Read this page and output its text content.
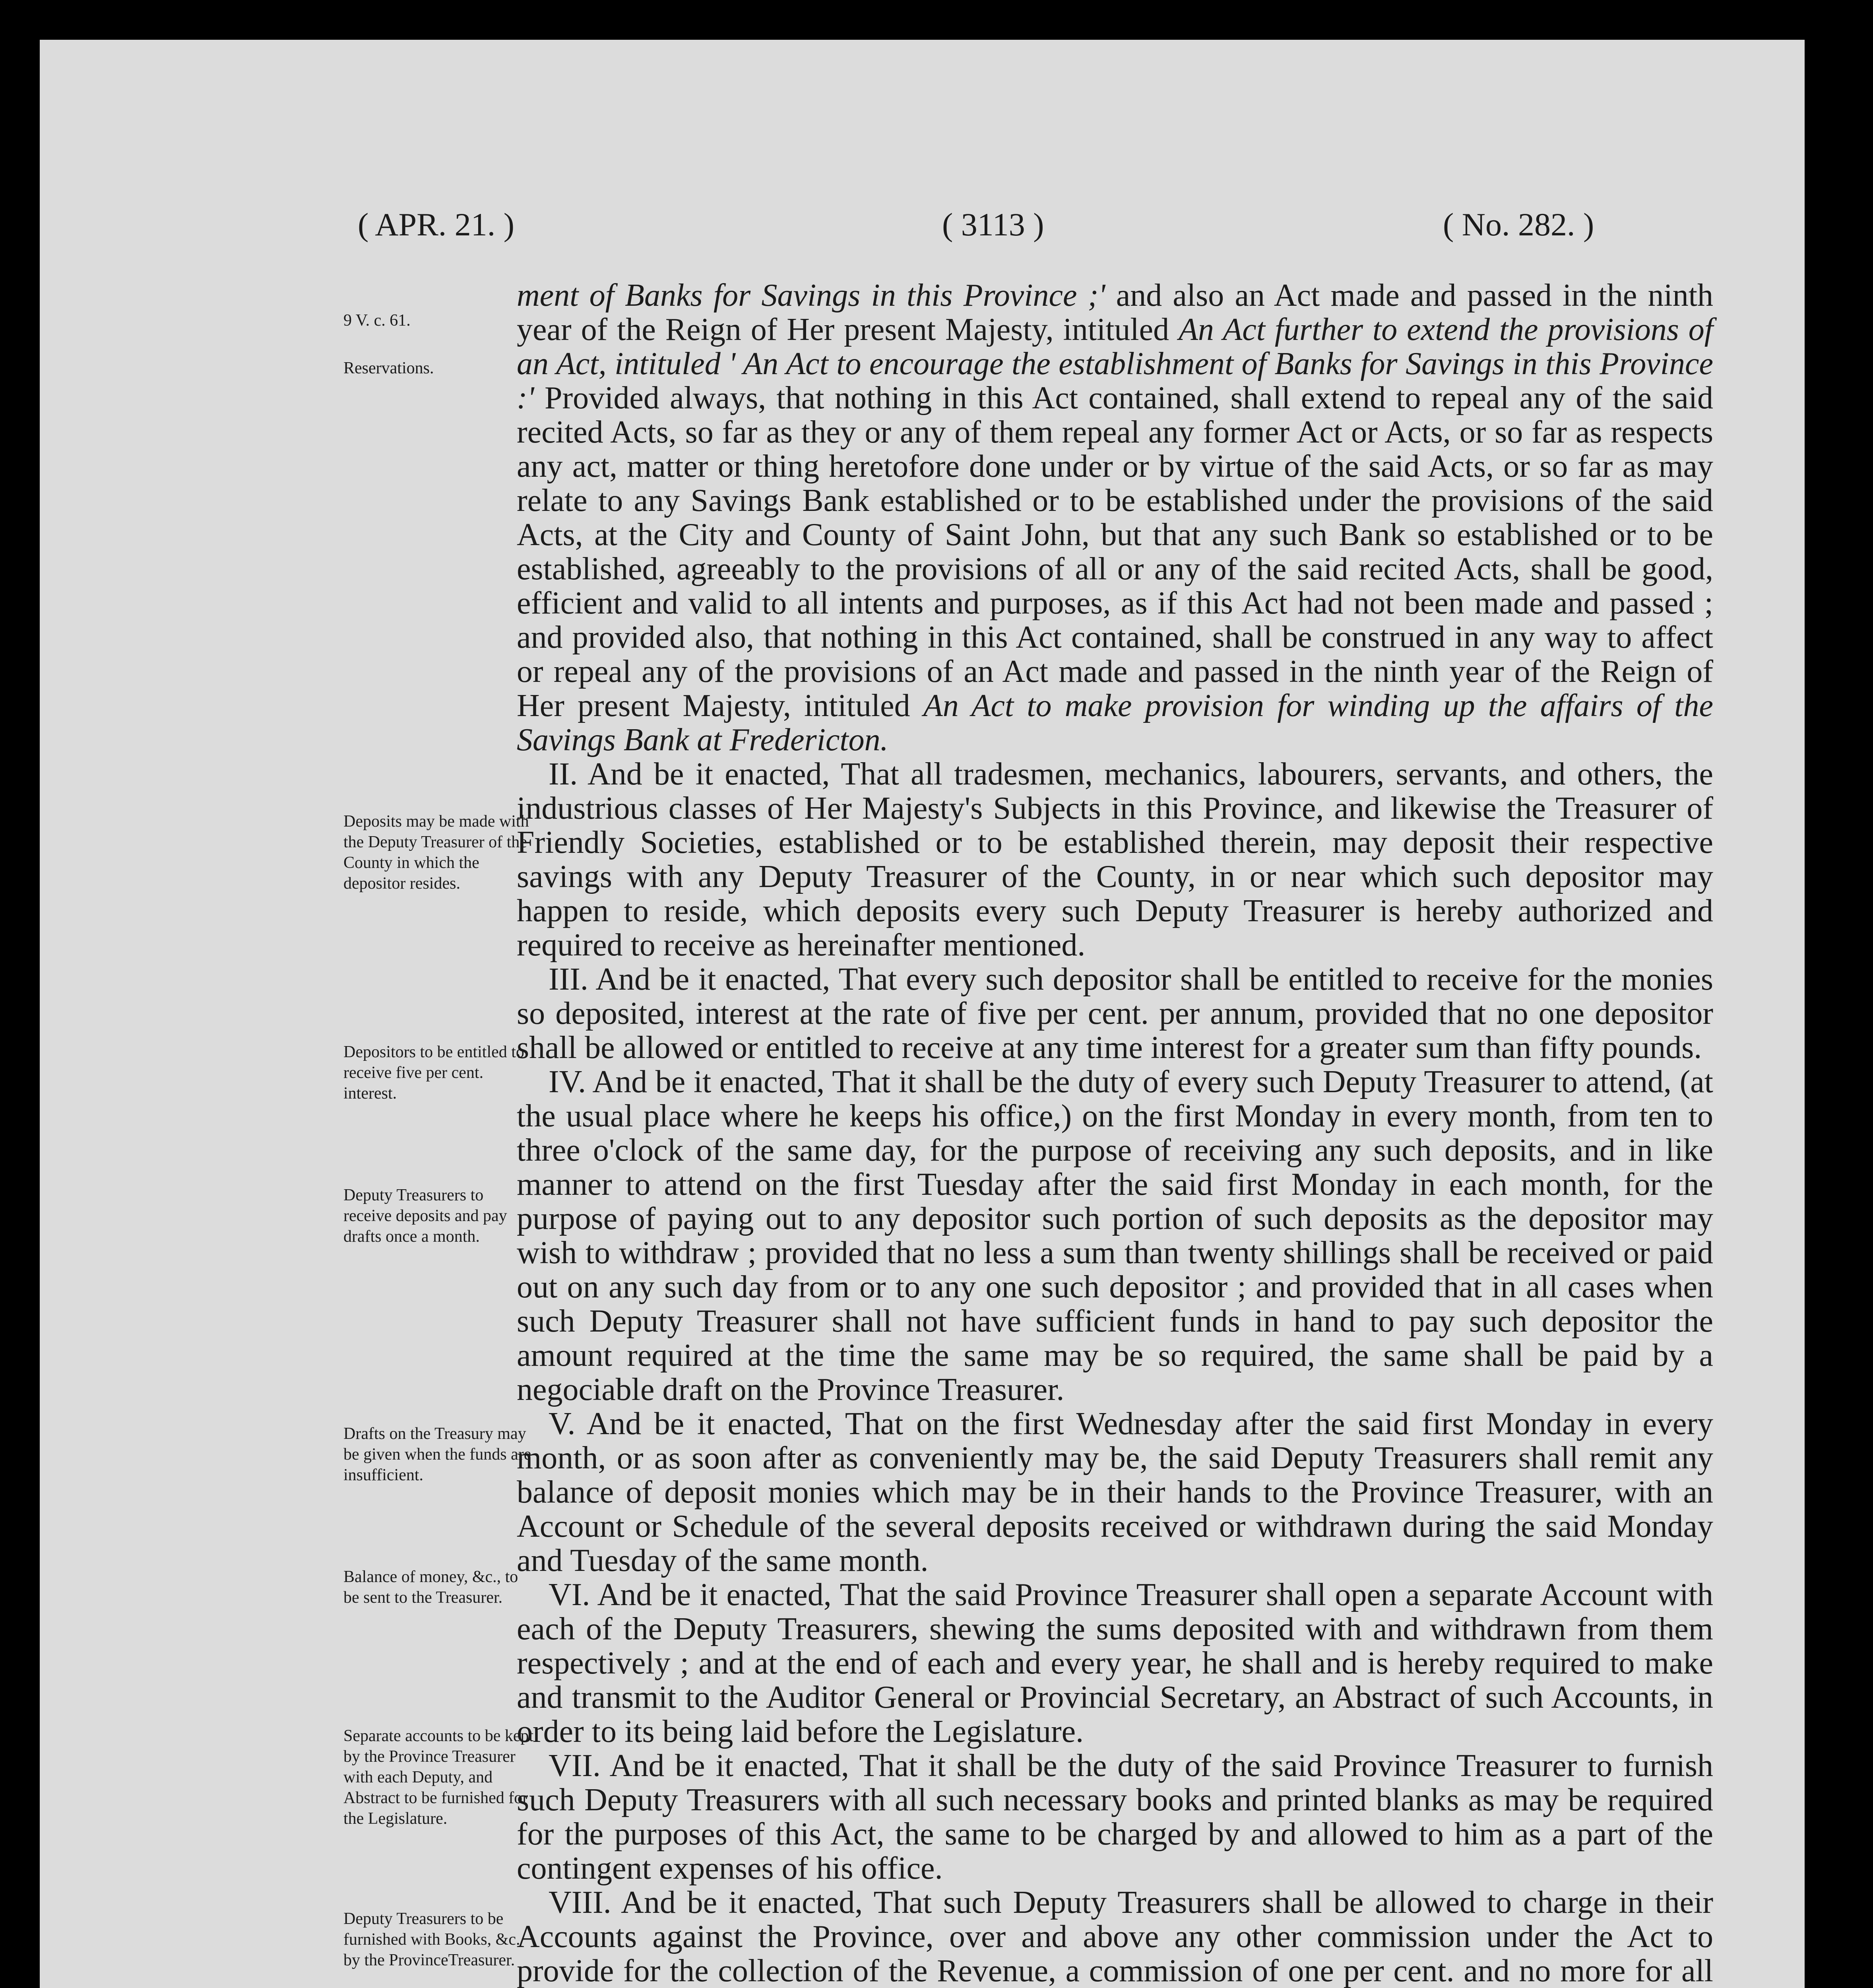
( APR. 21. )	( 3113 )	( No. 282. )

9 V. c. 61.

Reservations.

Deposits may be made with the Deputy Treasurer of the County in which the depositor resides.

Depositors to be entitled to receive five per cent. interest.

Deputy Treasurers to receive deposits and pay drafts once a month.

Drafts on the Treasury may be given when the funds are insufficient.

Balance of money, &c., to be sent to the Treasurer.

Separate accounts to be kept by the Province Treasurer with each Deputy, and Abstract to be furnished for the Legislature.

Deputy Treasurers to be furnished with Books, &c. by the ProvinceTreasurer.

ment of Banks for Savings in this Province ;' and also an Act made and passed in the ninth year of the Reign of Her present Majesty, intituled An Act further to extend the provisions of an Act, intituled ' An Act to encourage the establishment of Banks for Savings in this Province :' Provided always, that nothing in this Act contained, shall extend to repeal any of the said recited Acts, so far as they or any of them repeal any former Act or Acts, or so far as respects any act, matter or thing heretofore done under or by virtue of the said Acts, or so far as may relate to any Savings Bank established or to be established under the provisions of the said Acts, at the City and County of Saint John, but that any such Bank so established or to be established, agreeably to the provisions of all or any of the said recited Acts, shall be good, efficient and valid to all intents and purposes, as if this Act had not been made and passed ; and provided also, that nothing in this Act contained, shall be construed in any way to affect or repeal any of the provisions of an Act made and passed in the ninth year of the Reign of Her present Majesty, intituled An Act to make provision for winding up the affairs of the Savings Bank at Fredericton.

II. And be it enacted, That all tradesmen, mechanics, labourers, servants, and others, the industrious classes of Her Majesty's Subjects in this Province, and likewise the Treasurer of Friendly Societies, established or to be established therein, may deposit their respective savings with any Deputy Treasurer of the County, in or near which such depositor may happen to reside, which deposits every such Deputy Treasurer is hereby authorized and required to receive as hereinafter mentioned.

III. And be it enacted, That every such depositor shall be entitled to receive for the monies so deposited, interest at the rate of five per cent. per annum, provided that no one depositor shall be allowed or entitled to receive at any time interest for a greater sum than fifty pounds.

IV. And be it enacted, That it shall be the duty of every such Deputy Treasurer to attend, (at the usual place where he keeps his office,) on the first Monday in every month, from ten to three o'clock of the same day, for the purpose of receiving any such deposits, and in like manner to attend on the first Tuesday after the said first Monday in each month, for the purpose of paying out to any depositor such portion of such deposits as the depositor may wish to withdraw ; provided that no less a sum than twenty shillings shall be received or paid out on any such day from or to any one such depositor ; and provided that in all cases when such Deputy Treasurer shall not have sufficient funds in hand to pay such depositor the amount required at the time the same may be so required, the same shall be paid by a negociable draft on the Province Treasurer.

V. And be it enacted, That on the first Wednesday after the said first Monday in every month, or as soon after as conveniently may be, the said Deputy Treasurers shall remit any balance of deposit monies which may be in their hands to the Province Treasurer, with an Account or Schedule of the several deposits received or withdrawn during the said Monday and Tuesday of the same month.

VI. And be it enacted, That the said Province Treasurer shall open a separate Account with each of the Deputy Treasurers, shewing the sums deposited with and withdrawn from them respectively ; and at the end of each and every year, he shall and is hereby required to make and transmit to the Auditor General or Provincial Secretary, an Abstract of such Accounts, in order to its being laid before the Legislature.

VII. And be it enacted, That it shall be the duty of the said Province Treasurer to furnish such Deputy Treasurers with all such necessary books and printed blanks as may be required for the purposes of this Act, the same to be charged by and allowed to him as a part of the contingent expenses of his office.

VIII. And be it enacted, That such Deputy Treasurers shall be allowed to charge in their Accounts against the Province, over and above any other commission under the Act to provide for the collection of the Revenue, a commission of one per cent. and no more for all
